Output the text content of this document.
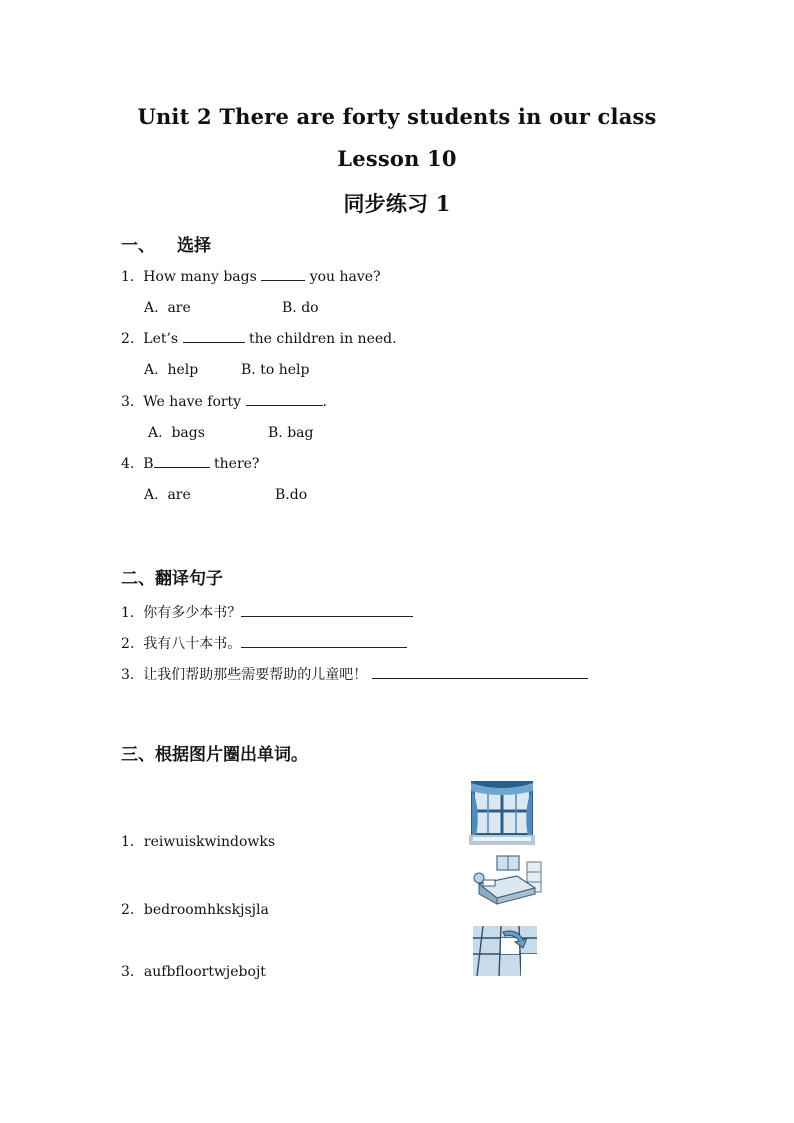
Unit 2 There are forty students in our class
Lesson 10
同步练习 1
一、 选择
1. How many bags	you have?
A.  are	B. do
2. Let’s	the children in need.
A.  help	B. to help
3. We have forty	.
A.  bags	B. bag
4. B	there?
A.  are	B.do
二、翻译句子
1. 你有多少本书？
2. 我有八十本书。
3. 让我们帮助那些需要帮助的儿童吧！
三、根据图片圈出单词。
1．reiwuiskwindowks
2．bedroomhkskjsjla
3．aufbfloortwjebojt
